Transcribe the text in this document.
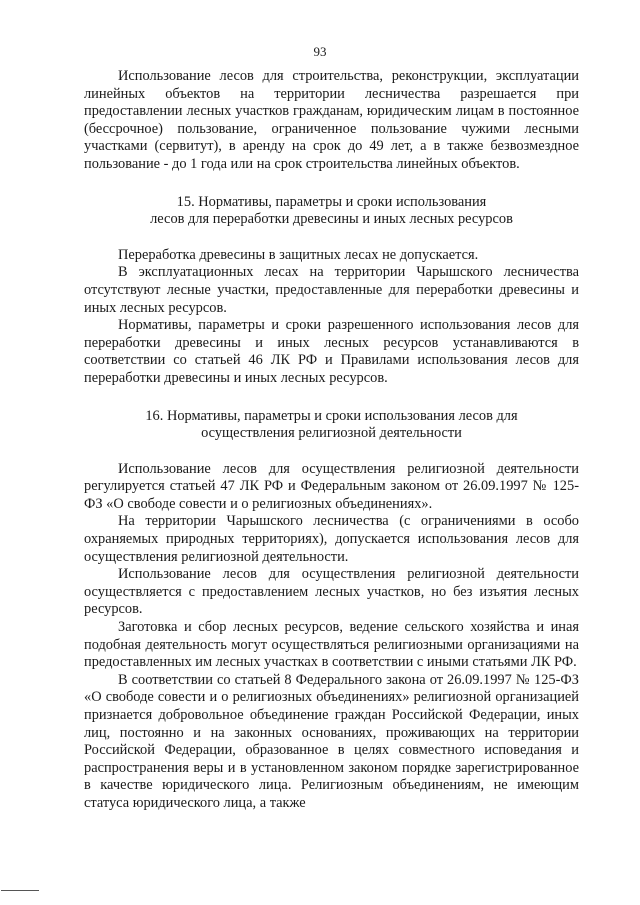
93

Использование лесов для строительства, реконструкции, эксплуатации линейных объектов на территории лесничества разрешается при предоставлении лесных участков гражданам, юридическим лицам в постоянное (бессрочное) пользование, ограниченное пользование чужими лесными участками (сервитут), в аренду на срок до 49 лет, а в также безвозмездное пользование - до 1 года или на срок строительства линейных объектов.

15. Нормативы, параметры и сроки использования
лесов для переработки древесины и иных лесных ресурсов

Переработка древесины в защитных лесах не допускается.

В эксплуатационных лесах на территории Чарышского лесничества отсутствуют лесные участки, предоставленные для переработки древесины и иных лесных ресурсов.

Нормативы, параметры и сроки разрешенного использования лесов для переработки древесины и иных лесных ресурсов устанавливаются в соответствии со статьей 46 ЛК РФ и Правилами использования лесов для переработки древесины и иных лесных ресурсов.

16. Нормативы, параметры и сроки использования лесов для
осуществления религиозной деятельности

Использование лесов для осуществления религиозной деятельности регулируется статьей 47 ЛК РФ и Федеральным законом от 26.09.1997 № 125-ФЗ «О свободе совести и о религиозных объединениях».

На территории Чарышского лесничества (с ограничениями в особо охраняемых природных территориях), допускается использования лесов для осуществления религиозной деятельности.

Использование лесов для осуществления религиозной деятельности осуществляется с предоставлением лесных участков, но без изъятия лесных ресурсов.

Заготовка и сбор лесных ресурсов, ведение сельского хозяйства и иная подобная деятельность могут осуществляться религиозными организациями на предоставленных им лесных участках в соответствии с иными статьями ЛК РФ.

В соответствии со статьей 8 Федерального закона от 26.09.1997 № 125-ФЗ «О свободе совести и о религиозных объединениях» религиозной организацией признается добровольное объединение граждан Российской Федерации, иных лиц, постоянно и на законных основаниях, проживающих на территории Российской Федерации, образованное в целях совместного исповедания и распространения веры и в установленном законом порядке зарегистрированное в качестве юридического лица. Религиозным объединениям, не имеющим статуса юридического лица, а также
